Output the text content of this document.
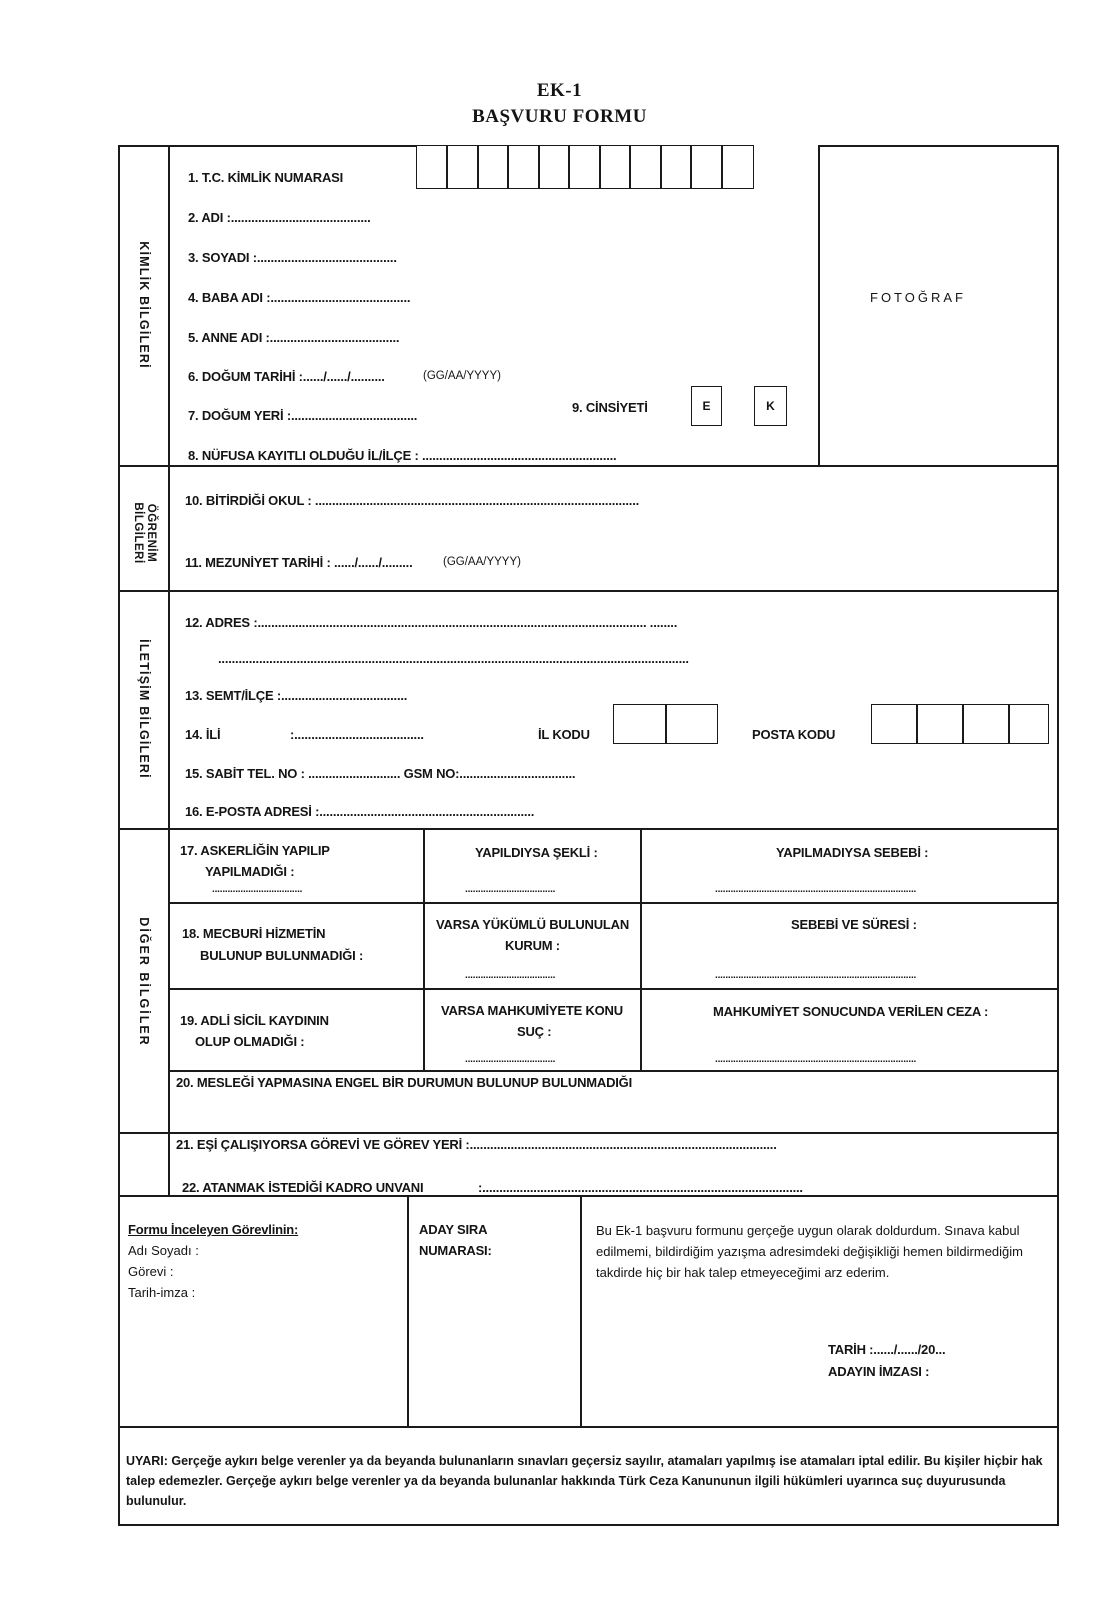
EK-1
BAŞVURU FORMU
KİMLİK BİLGİLERİ
ÖĞRENİM BİLGİLERİ
İLETİŞİM BİLGİLERİ
DİĞER BİLGİLER
1. T.C. KİMLİK NUMARASI
2. ADI :.........................................
3. SOYADI :.........................................
4. BABA ADI :.........................................
5. ANNE ADI :......................................
6. DOĞUM TARİHİ :....../....../..........	(GG/AA/YYYY)
7. DOĞUM YERİ :.....................................
9. CİNSİYETİ	E	K
8. NÜFUSA KAYITLI OLDUĞU İL/İLÇE : .........................................................
FOTOĞRAF
10. BİTİRDİĞİ OKUL : ...............................................................................................
11. MEZUNİYET TARİHİ : ....../....../.........	(GG/AA/YYYY)
12. ADRES :.................................................................................................................. ........
..........................................................................................................................................
13. SEMT/İLÇE :.....................................
14. İLİ	:......................................	İL KODU	POSTA KODU
15. SABİT TEL. NO : ........................... GSM NO:..................................
16. E-POSTA ADRESİ :...............................................................
17. ASKERLİĞİN YAPILIP
YAPILMADIĞI :
...................................
YAPILDIYSA ŞEKLİ :
...................................
YAPILMADIYSA SEBEBİ :
..............................................................................
18. MECBURİ HİZMETİN
BULUNUP BULUNMADIĞI :
VARSA YÜKÜMLÜ BULUNULAN
KURUM :
...................................
SEBEBİ VE SÜRESİ :
..............................................................................
19. ADLİ SİCİL KAYDININ
OLUP OLMADIĞI :
VARSA MAHKUMİYETE KONU
SUÇ :
...................................
MAHKUMİYET SONUCUNDA VERİLEN CEZA :
..............................................................................
20. MESLEĞİ YAPMASINA ENGEL BİR DURUMUN BULUNUP BULUNMADIĞI
21. EŞİ ÇALIŞIYORSA GÖREVİ VE GÖREV YERİ :..........................................................................................
22. ATANMAK İSTEDİĞİ KADRO UNVANI	:..............................................................................................
Formu İnceleyen Görevlinin:
Adı Soyadı :
Görevi :
Tarih-imza :
ADAY SIRA
NUMARASI:
Bu Ek-1 başvuru formunu gerçeğe uygun olarak doldurdum. Sınava kabul edilmemi, bildirdiğim yazışma adresimdeki değişikliği hemen bildirmediğim takdirde hiç bir hak talep etmeyeceğimi arz ederim.
TARİH :....../....../20...
ADAYIN İMZASI :
UYARI: Gerçeğe aykırı belge verenler ya da beyanda bulunanların sınavları geçersiz sayılır, atamaları yapılmış ise atamaları iptal edilir. Bu kişiler hiçbir hak talep edemezler. Gerçeğe aykırı belge verenler ya da beyanda bulunanlar hakkında Türk Ceza Kanununun ilgili hükümleri uyarınca suç duyurusunda bulunulur.
